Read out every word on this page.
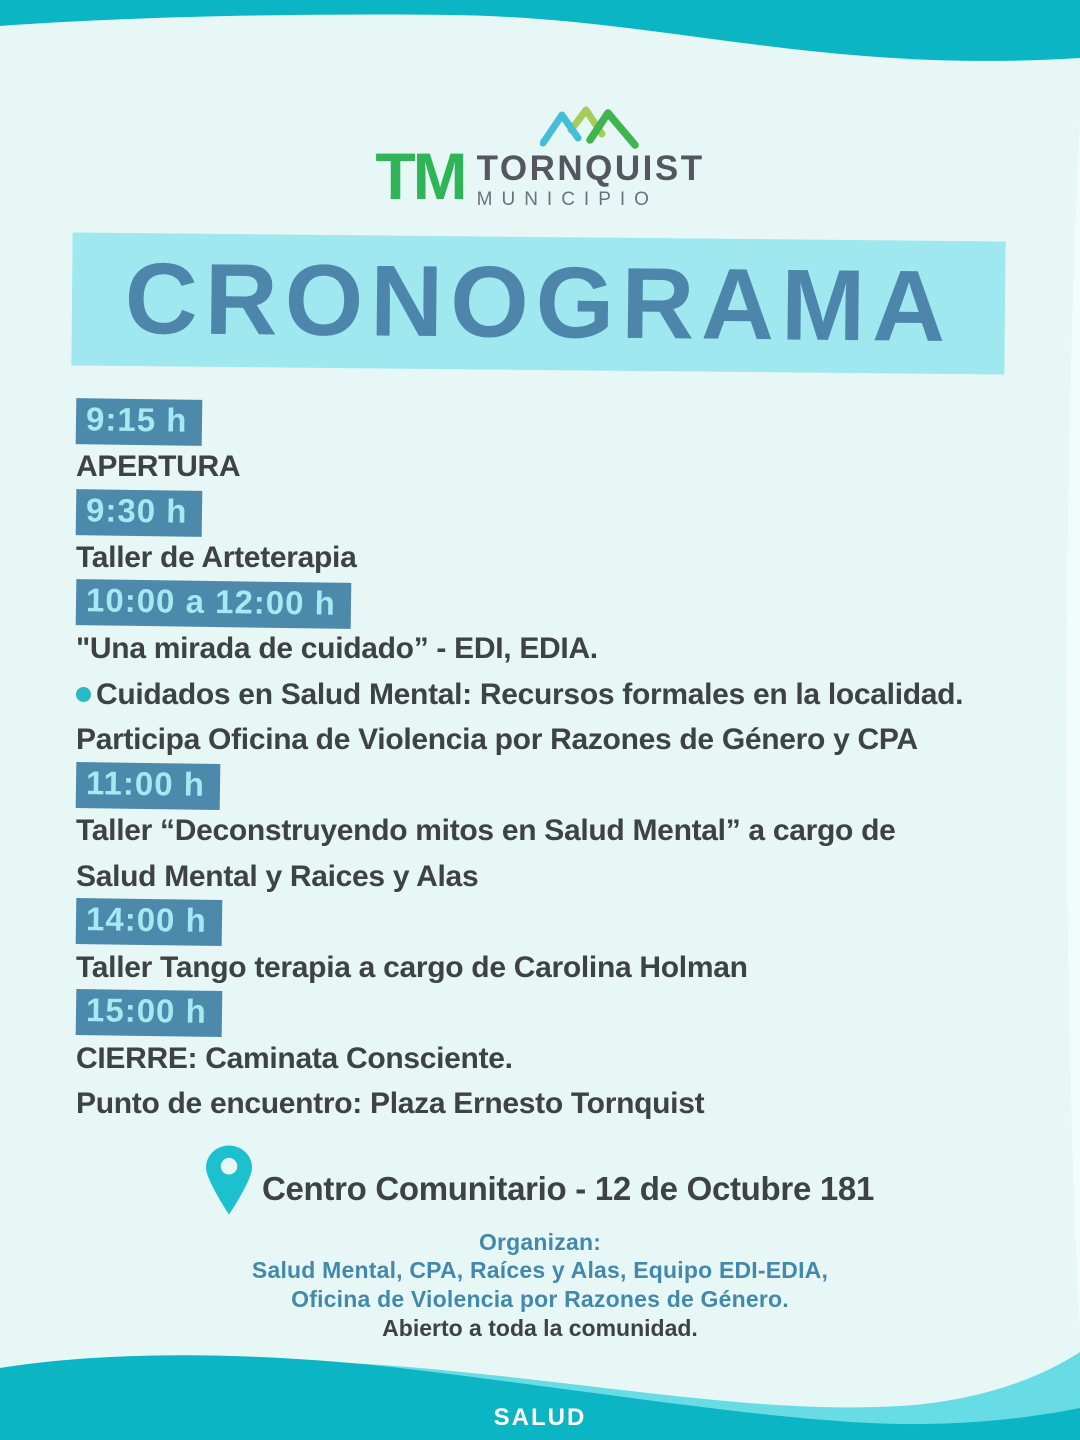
TM TORNQUIST
MUNICIPIO
CRONOGRAMA
9:15 h
APERTURA
9:30 h
Taller de Arteterapia
10:00 a 12:00 h
"Una mirada de cuidado” - EDI, EDIA.
Cuidados en Salud Mental: Recursos formales en la localidad.
Participa Oficina de Violencia por Razones de Género y CPA
11:00 h
Taller “Deconstruyendo mitos en Salud Mental” a cargo de
Salud Mental y Raices y Alas
14:00 h
Taller Tango terapia a cargo de Carolina Holman
15:00 h
CIERRE: Caminata Consciente.
Punto de encuentro: Plaza Ernesto Tornquist
Centro Comunitario - 12 de Octubre 181
Organizan:
Salud Mental, CPA, Raíces y Alas, Equipo EDI-EDIA,
Oficina de Violencia por Razones de Género.
Abierto a toda la comunidad.
SALUD
